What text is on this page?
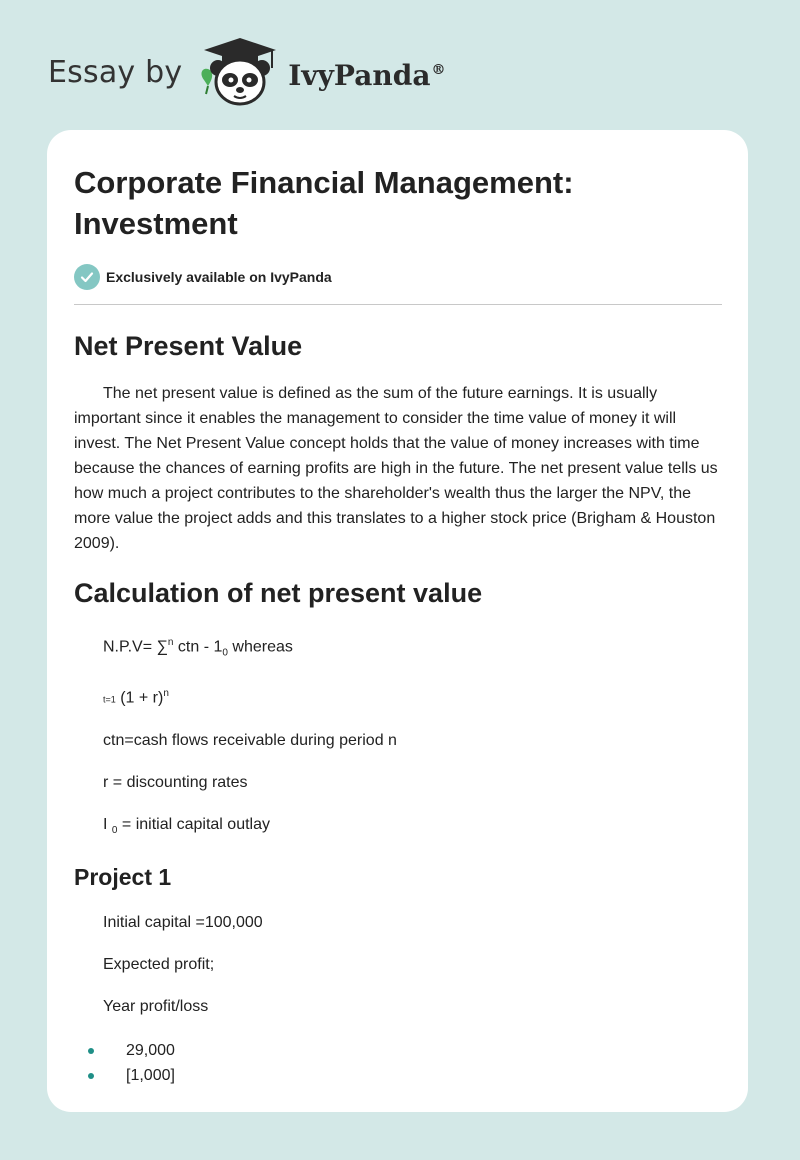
Essay by	IvyPanda®
Corporate Financial Management: Investment
Exclusively available on IvyPanda
Net Present Value

The net present value is defined as the sum of the future earnings. It is usually important since it enables the management to consider the time value of money it will invest. The Net Present Value concept holds that the value of money increases with time because the chances of earning profits are high in the future. The net present value tells us how much a project contributes to the shareholder's wealth thus the larger the NPV, the more value the project adds and this translates to a higher stock price (Brigham & Houston 2009).

Calculation of net present value

N.P.V= ∑$^n$ ctn - $1_0$ whereas

t=1 $(1 + r)^n$

ctn=cash flows receivable during period n

r = discounting rates

I $_0$ = initial capital outlay

Project 1

Initial capital =100,000

Expected profit;

Year profit/loss

29,000
[1,000]
